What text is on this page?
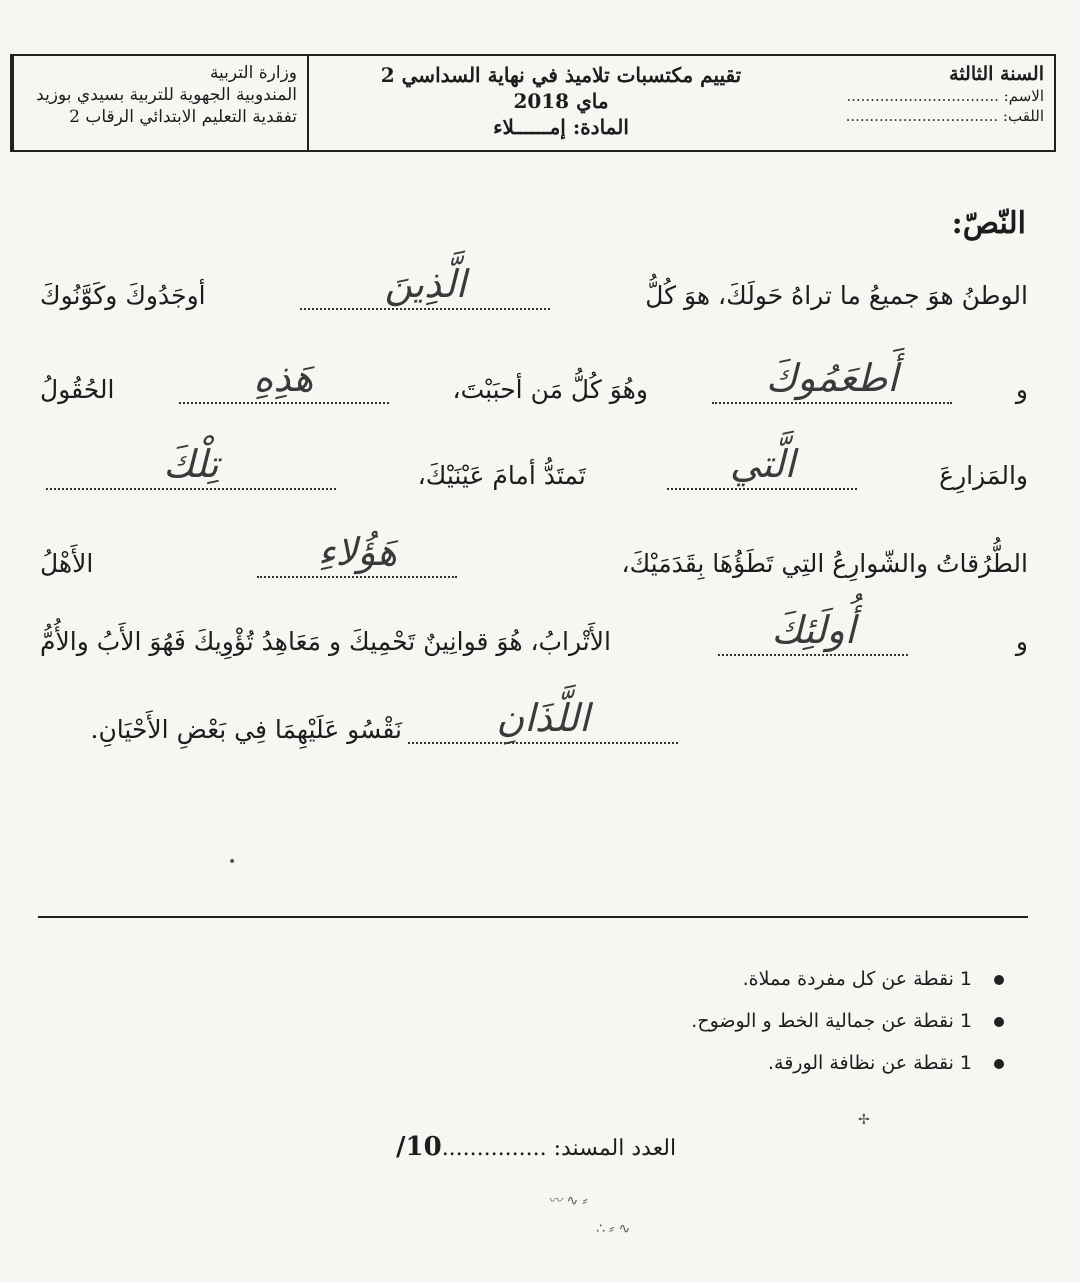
وزارة التربية
المندوبية الجهوية للتربية بسيدي بوزيد
تفقدية التعليم الابتدائي الرقاب 2
تقييم مكتسبات تلاميذ في نهاية السداسي 2
ماي 2018
المادة: إمــــــلاء
السنة الثالثة
الاسم: ................................
اللقب: ................................
النّصّ:
الوطنُ هوَ جميعُ ما تراهُ حَولَكَ، هوَ كُلُّ
الَّذِينَ
أوجَدُوكَ وكَوَّنُوكَ
و
أَطعَمُوكَ
وهُوَ كُلُّ مَن أحبَبْتَ،
هَذِهِ
الحُقُولُ
والمَزارِعَ
الَّتي
تَمتَدُّ أمامَ عَيْنَيْكَ،
تِلْكَ
الطُّرُقاتُ والشّوارِعُ التِي تَطَؤُهَا بِقَدَمَيْكَ،
هَؤُلاءِ
الأَهْلُ
و
أُولَئِكَ
الأَتْرابُ، هُوَ قوانِينٌ تَحْمِيكَ و مَعَاهِدُ تُؤْوِيكَ فَهُوَ الأَبُ والأُمُّ
اللَّذَانِ
نَقْسُو عَلَيْهِمَا فِي بَعْضِ الأَحْيَانِ.
•
1 نقطة عن كل مفردة مملاة.
1 نقطة عن جمالية الخط و الوضوح.
1 نقطة عن نظافة الورقة.
العدد المسند: ...............10/
〰 ∿ ⸗
∴ ⸗ ∿
✢
